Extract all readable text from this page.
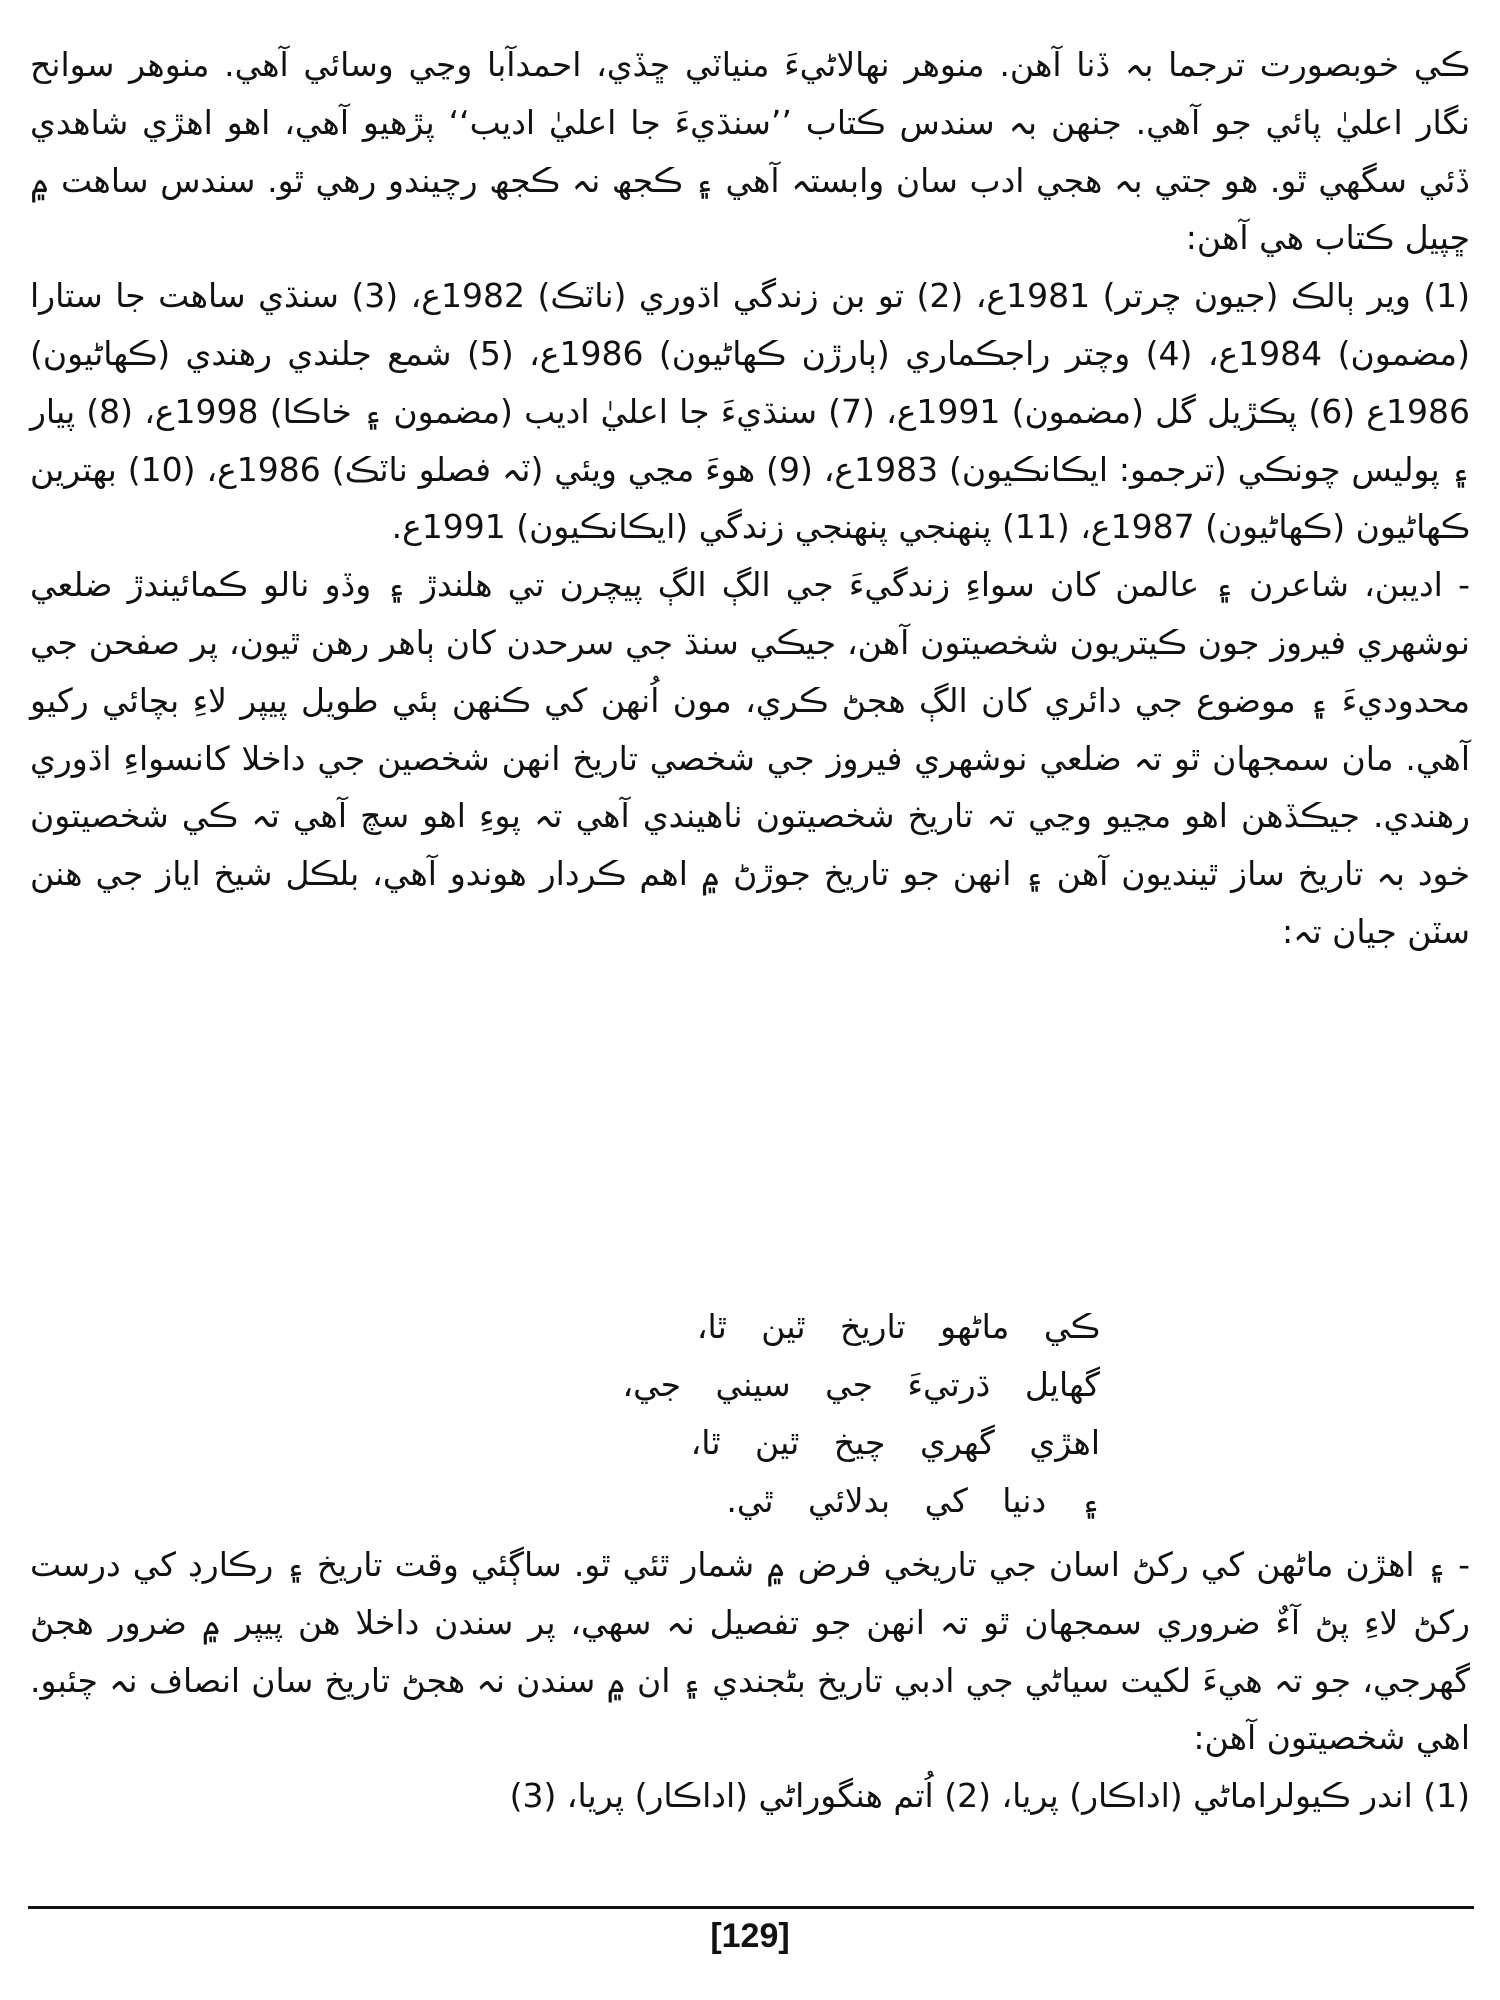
ڪي خوبصورت ترجما بہ ڏنا آهن. منوهر نهالاڻيءَ منياٽي ڇڏي، احمدآبا وڃي وسائي آهي. منوهر سوانح نگار اعليٰ پائي جو آهي. جنهن بہ سندس ڪتاب ’’سنڌيءَ جا اعليٰ اديب‘‘ پڙهيو آهي، اهو اهڙي شاهدي ڏئي سگهي ٿو. هو جتي بہ هجي ادب سان وابستہ آهي ۽ ڪجھ نہ ڪجھ رچيندو رهي ٿو. سندس ساهت ۾ ڇپيل ڪتاب هي آهن:

(1) وير ٻالڪ (جيون چرتر) 1981ع، (2) تو بن زندگي اڌوري (ناٽڪ) 1982ع، (3) سنڌي ساهت جا ستارا (مضمون) 1984ع، (4) وچتر راجڪماري (ٻارڙن ڪهاڻيون) 1986ع، (5) شمع جلندي رهندي (ڪهاڻيون) 1986ع (6) پڪڙيل گل (مضمون) 1991ع، (7) سنڌيءَ جا اعليٰ اديب (مضمون ۽ خاڪا) 1998ع، (8) پيار ۽ پوليس چونڪي (ترجمو: ايڪانڪيون) 1983ع، (9) هوءَ مڃي ويئي (ٽہ فصلو ناٽڪ) 1986ع، (10) بهترين ڪهاڻيون (ڪهاڻيون) 1987ع، (11) پنهنجي پنهنجي زندگي (ايڪانڪيون) 1991ع.

- اديبن، شاعرن ۽ عالمن کان سواءِ زندگيءَ جي الڳ الڳ پيچرن تي هلندڙ ۽ وڏو نالو ڪمائيندڙ ضلعي نوشهري فيروز جون ڪيتريون شخصيتون آهن، جيڪي سنڌ جي سرحدن کان ٻاهر رهن ٿيون، پر صفحن جي محدوديءَ ۽ موضوع جي دائري کان الڳ هجڻ ڪري، مون اُنهن کي ڪنهن ٻئي طويل پيپر لاءِ بچائي رکيو آهي. مان سمجهان ٿو تہ ضلعي نوشهري فيروز جي شخصي تاريخ انهن شخصين جي داخلا کانسواءِ اڌوري رهندي. جيڪڏهن اهو مڃيو وڃي تہ تاريخ شخصيتون ٺاهيندي آهي تہ پوءِ اهو سچ آهي تہ ڪي شخصيتون خود بہ تاريخ ساز ٿينديون آهن ۽ انهن جو تاريخ جوڙڻ ۾ اهم ڪردار هوندو آهي، بلڪل شيخ اياز جي هنن سٽن جيان تہ:

ڪي ماڻهو تاريخ ٿين ٿا،
گهايل ڌرتيءَ جي سيني جي،
اهڙي گهري چيخ ٿين ٿا،
۽ دنيا کي بدلائي ٿي.

- ۽ اهڙن ماڻهن کي رکڻ اسان جي تاريخي فرض ۾ شمار ٿئي ٿو. ساڳئي وقت تاريخ ۽ رڪارڊ کي درست رکڻ لاءِ پڻ آءٌ ضروري سمجهان ٿو تہ انهن جو تفصيل نہ سهي، پر سندن داخلا هن پيپر ۾ ضرور هجڻ گهرجي، جو تہ هيءَ لکيت سياڻي جي ادبي تاريخ بڻجندي ۽ ان ۾ سندن نہ هجڻ تاريخ سان انصاف نہ چئبو. اهي شخصيتون آهن:

(1) اندر ڪيولراماڻي (اداڪار) پريا، (2) اُتم هنگوراڻي (اداڪار) پريا، (3)

[129]
